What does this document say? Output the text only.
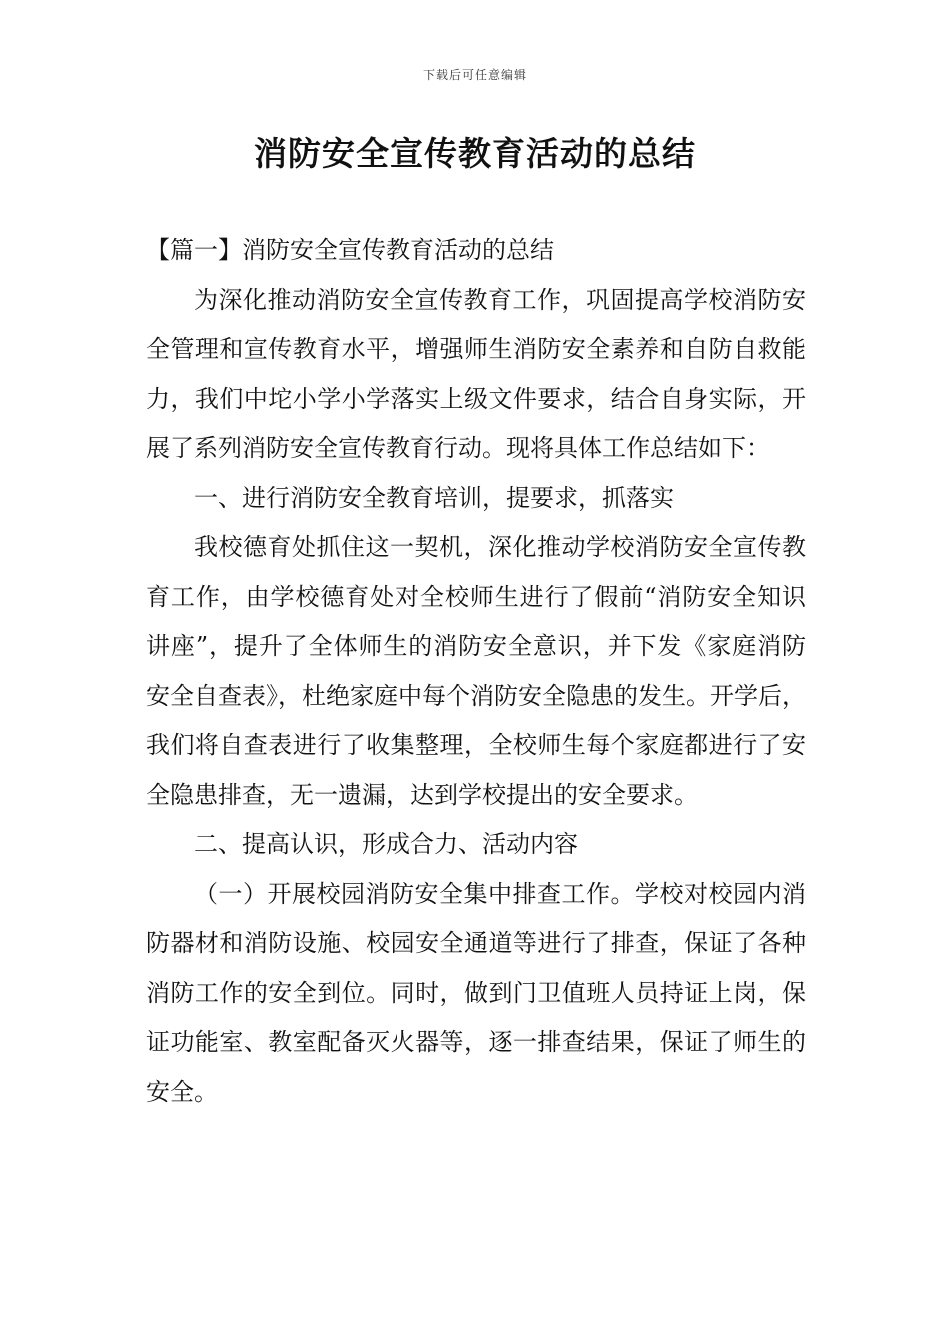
下载后可任意编辑
消防安全宣传教育活动的总结

【篇一】消防安全宣传教育活动的总结

为深化推动消防安全宣传教育工作，巩固提高学校消防安全管理和宣传教育水平，增强师生消防安全素养和自防自救能力，我们中坨小学小学落实上级文件要求，结合自身实际，开展了系列消防安全宣传教育行动。现将具体工作总结如下：

一、进行消防安全教育培训，提要求，抓落实

我校德育处抓住这一契机，深化推动学校消防安全宣传教育工作，由学校德育处对全校师生进行了假前“消防安全知识讲座”，提升了全体师生的消防安全意识，并下发《家庭消防安全自查表》，杜绝家庭中每个消防安全隐患的发生。开学后，我们将自查表进行了收集整理，全校师生每个家庭都进行了安全隐患排查，无一遗漏，达到学校提出的安全要求。

二、提高认识，形成合力、活动内容

（一）开展校园消防安全集中排查工作。学校对校园内消防器材和消防设施、校园安全通道等进行了排查，保证了各种消防工作的安全到位。同时，做到门卫值班人员持证上岗，保证功能室、教室配备灭火器等，逐一排查结果，保证了师生的安全。
